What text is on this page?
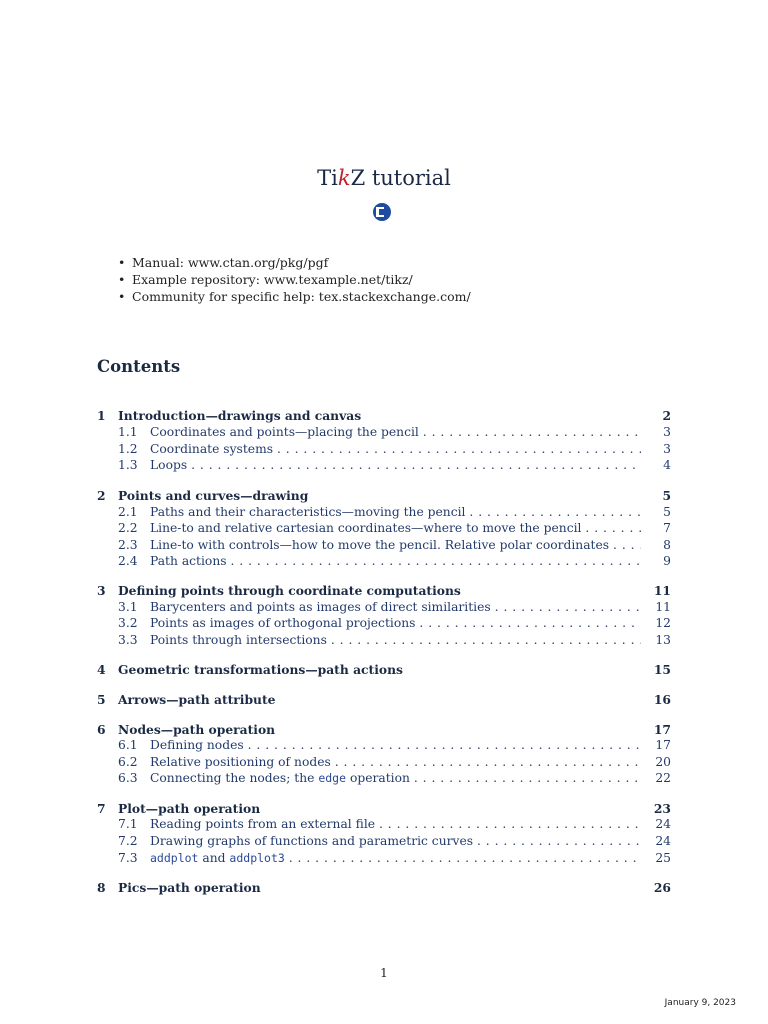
TikZ tutorial
• Manual: www.ctan.org/pkg/pgf
• Example repository: www.texample.net/tikz/
• Community for specific help: tex.stackexchange.com/
Contents
1 Introduction—drawings and canvas	2
1.1 Coordinates and points—placing the pencil . . .	3
1.2 Coordinate systems . . .	3
1.3 Loops . . .	4
2 Points and curves—drawing	5
2.1 Paths and their characteristics—moving the pencil . . .	5
2.2 Line-to and relative cartesian coordinates—where to move the pencil . . .	7
2.3 Line-to with controls—how to move the pencil. Relative polar coordinates . . .	8
2.4 Path actions . . .	9
3 Defining points through coordinate computations	11
3.1 Barycenters and points as images of direct similarities . . .	11
3.2 Points as images of orthogonal projections . . .	12
3.3 Points through intersections . . .	13
4 Geometric transformations—path actions	15
5 Arrows—path attribute	16
6 Nodes—path operation	17
6.1 Defining nodes . . .	17
6.2 Relative positioning of nodes . . .	20
6.3 Connecting the nodes; the edge operation . . .	22
7 Plot—path operation	23
7.1 Reading points from an external file . . .	24
7.2 Drawing graphs of functions and parametric curves . . .	24
7.3 addplot and addplot3 . . .	25
8 Pics—path operation	26
1
January 9, 2023
